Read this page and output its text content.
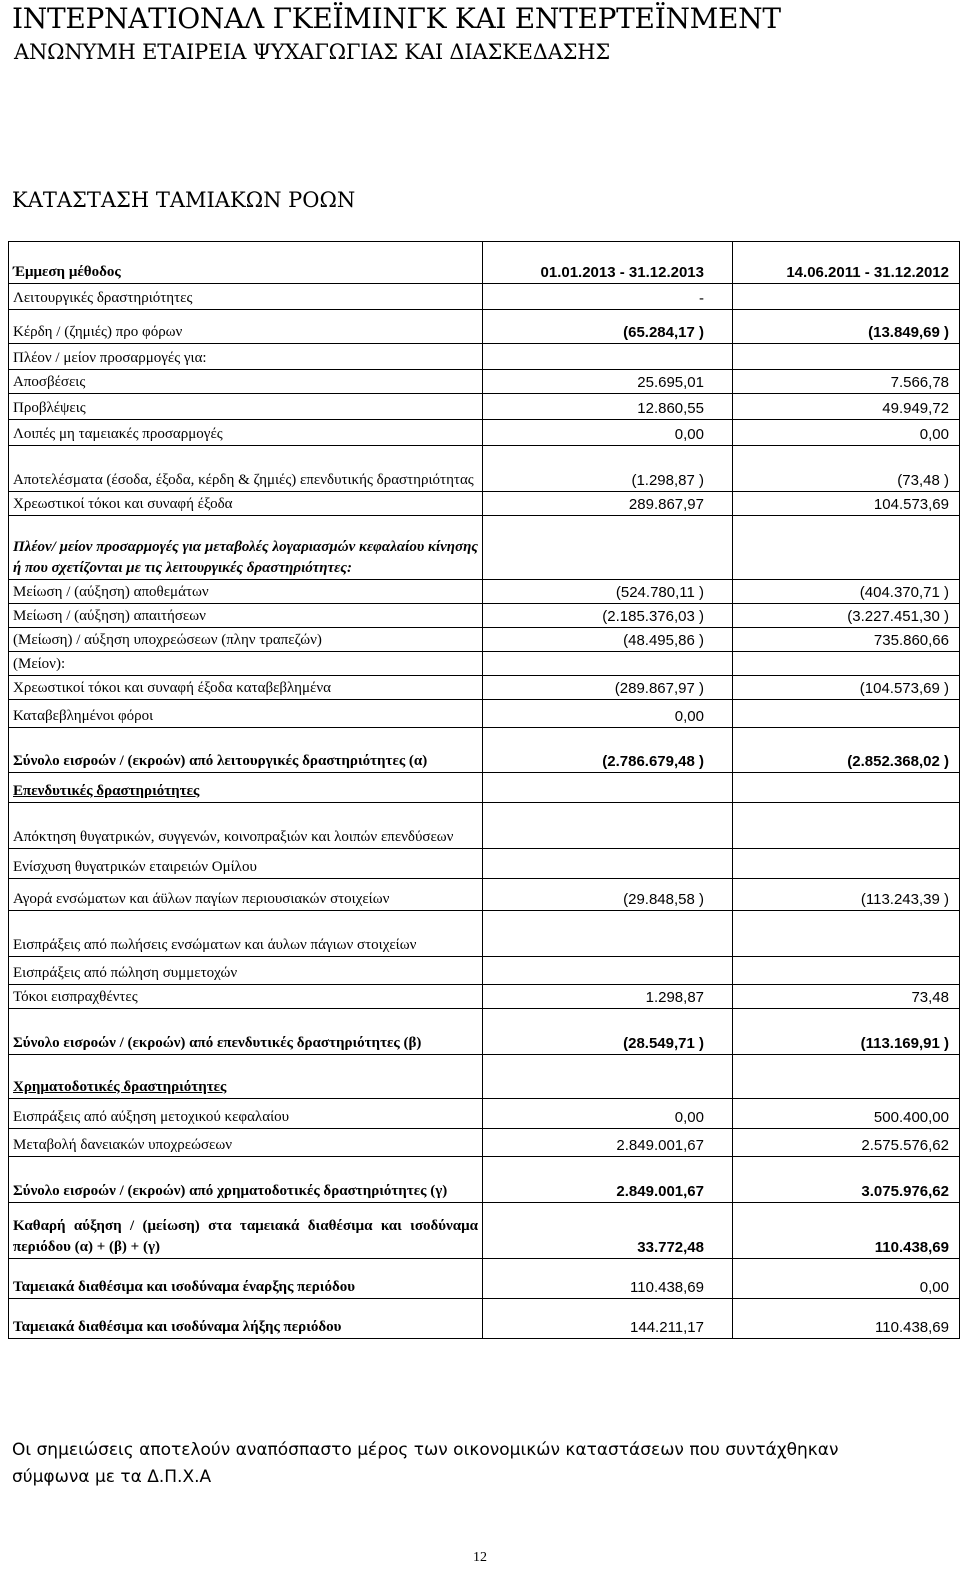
ΙΝΤΕΡΝΑΤΙΟΝΑΛ ΓΚΕΪΜΙΝΓΚ ΚΑΙ ΕΝΤΕΡΤΕΪΝΜΕΝΤ
ΑΝΩΝΥΜΗ ΕΤΑΙΡΕΙΑ ΨΥΧΑΓΩΓΙΑΣ ΚΑΙ ΔΙΑΣΚΕΔΑΣΗΣ
ΚΑΤΑΣΤΑΣΗ ΤΑΜΙΑΚΩΝ ΡΟΩΝ
Έμμεση μέθοδος	01.01.2013 - 31.12.2013	14.06.2011 - 31.12.2012
Λειτουργικές δραστηριότητες	-	
Κέρδη / (ζημιές) προ φόρων	(65.284,17 )	(13.849,69 )
Πλέον / μείον προσαρμογές για:		
Αποσβέσεις	25.695,01	7.566,78
Προβλέψεις	12.860,55	49.949,72
Λοιπές μη ταμειακές προσαρμογές	0,00	0,00
Αποτελέσματα (έσοδα, έξοδα, κέρδη & ζημιές) επενδυτικής δραστηριότητας	(1.298,87 )	(73,48 )
Χρεωστικοί τόκοι και συναφή έξοδα	289.867,97	104.573,69
Πλέον/ μείον προσαρμογές για μεταβολές λογαριασμών κεφαλαίου κίνησης ή που σχετίζονται με τις λειτουργικές δραστηριότητες:		
Μείωση / (αύξηση) αποθεμάτων	(524.780,11 )	(404.370,71 )
Μείωση / (αύξηση) απαιτήσεων	(2.185.376,03 )	(3.227.451,30 )
(Μείωση) / αύξηση υποχρεώσεων (πλην τραπεζών)	(48.495,86 )	735.860,66
(Μείον):		
Χρεωστικοί τόκοι και συναφή έξοδα καταβεβλημένα	(289.867,97 )	(104.573,69 )
Καταβεβλημένοι φόροι	0,00	
Σύνολο εισροών / (εκροών) από λειτουργικές δραστηριότητες (α)	(2.786.679,48 )	(2.852.368,02 )
Επενδυτικές δραστηριότητες		
Απόκτηση θυγατρικών, συγγενών, κοινοπραξιών και λοιπών επενδύσεων		
Ενίσχυση θυγατρικών εταιρειών Ομίλου		
Αγορά ενσώματων και άϋλων παγίων περιουσιακών στοιχείων	(29.848,58 )	(113.243,39 )
Εισπράξεις από πωλήσεις ενσώματων και άυλων πάγιων στοιχείων		
Εισπράξεις από πώληση συμμετοχών		
Τόκοι εισπραχθέντες	1.298,87	73,48
Σύνολο εισροών / (εκροών) από επενδυτικές δραστηριότητες (β)	(28.549,71 )	(113.169,91 )
Χρηματοδοτικές δραστηριότητες		
Εισπράξεις από αύξηση μετοχικού κεφαλαίου	0,00	500.400,00
Μεταβολή δανειακών υποχρεώσεων	2.849.001,67	2.575.576,62
Σύνολο εισροών / (εκροών) από χρηματοδοτικές δραστηριότητες (γ)	2.849.001,67	3.075.976,62
Καθαρή αύξηση / (μείωση) στα ταμειακά διαθέσιμα και ισοδύναμα περιόδου (α) + (β) + (γ)	33.772,48	110.438,69
Ταμειακά διαθέσιμα και ισοδύναμα έναρξης περιόδου	110.438,69	0,00
Ταμειακά διαθέσιμα και ισοδύναμα λήξης περιόδου	144.211,17	110.438,69
Οι σημειώσεις αποτελούν αναπόσπαστο μέρος των οικονομικών καταστάσεων που συντάχθηκαν σύμφωνα με τα Δ.Π.Χ.Α
12
